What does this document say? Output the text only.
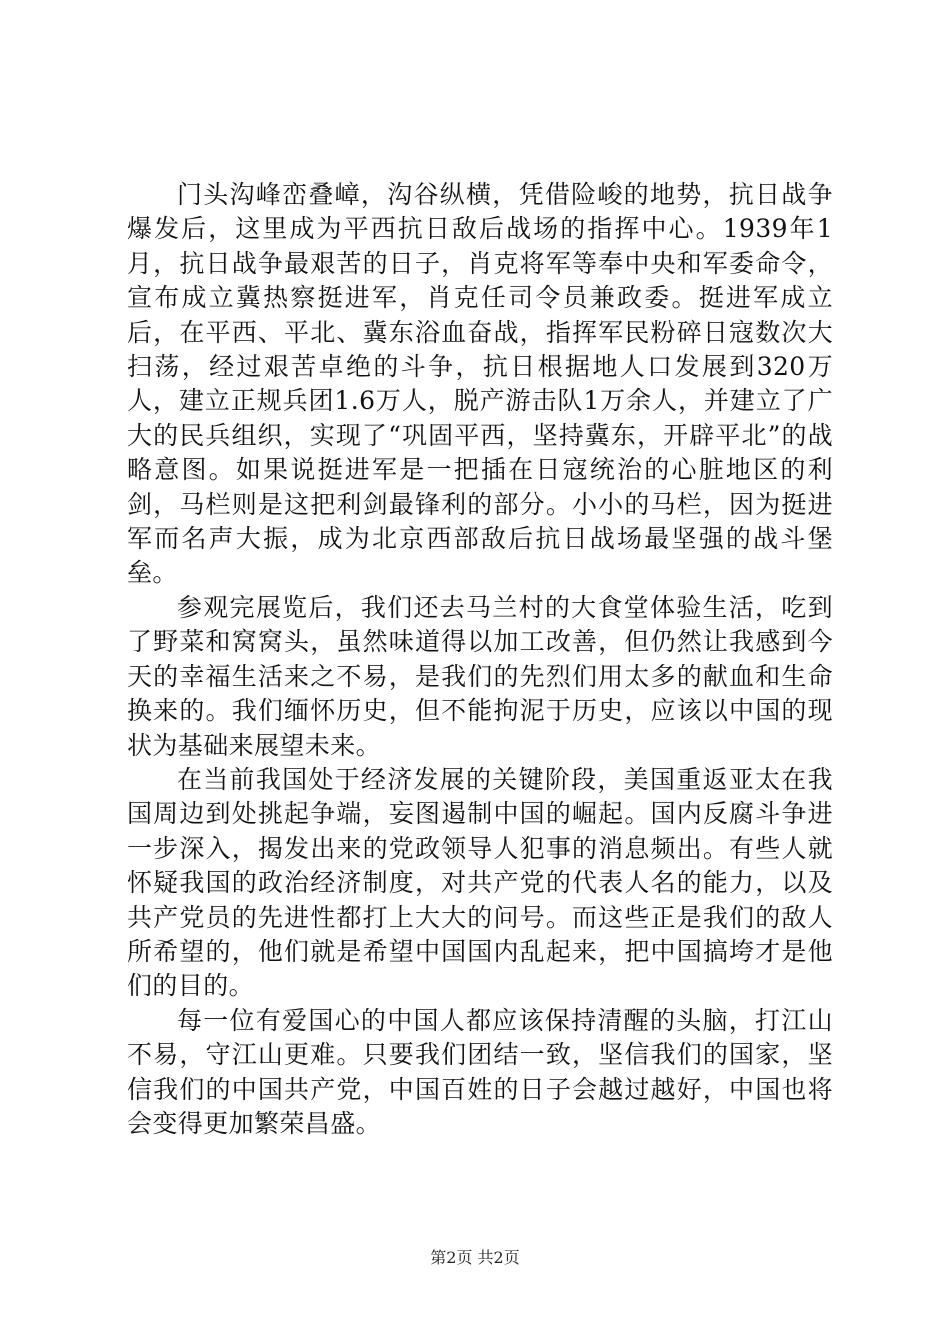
门头沟峰峦叠嶂，沟谷纵横，凭借险峻的地势，抗日战争爆发后，这里成为平西抗日敌后战场的指挥中心。1939年1月，抗日战争最艰苦的日子，肖克将军等奉中央和军委命令，宣布成立冀热察挺进军，肖克任司令员兼政委。挺进军成立后，在平西、平北、冀东浴血奋战，指挥军民粉碎日寇数次大扫荡，经过艰苦卓绝的斗争，抗日根据地人口发展到320万人，建立正规兵团1.6万人，脱产游击队1万余人，并建立了广大的民兵组织，实现了“巩固平西，坚持冀东，开辟平北”的战略意图。如果说挺进军是一把插在日寇统治的心脏地区的利剑，马栏则是这把利剑最锋利的部分。小小的马栏，因为挺进军而名声大振，成为北京西部敌后抗日战场最坚强的战斗堡垒。

参观完展览后，我们还去马兰村的大食堂体验生活，吃到了野菜和窝窝头，虽然味道得以加工改善，但仍然让我感到今天的幸福生活来之不易，是我们的先烈们用太多的献血和生命换来的。我们缅怀历史，但不能拘泥于历史，应该以中国的现状为基础来展望未来。

在当前我国处于经济发展的关键阶段，美国重返亚太在我国周边到处挑起争端，妄图遏制中国的崛起。国内反腐斗争进一步深入，揭发出来的党政领导人犯事的消息频出。有些人就怀疑我国的政治经济制度，对共产党的代表人名的能力，以及共产党员的先进性都打上大大的问号。而这些正是我们的敌人所希望的，他们就是希望中国国内乱起来，把中国搞垮才是他们的目的。

每一位有爱国心的中国人都应该保持清醒的头脑，打江山不易，守江山更难。只要我们团结一致，坚信我们的国家，坚信我们的中国共产党，中国百姓的日子会越过越好，中国也将会变得更加繁荣昌盛。

第2页 共2页
